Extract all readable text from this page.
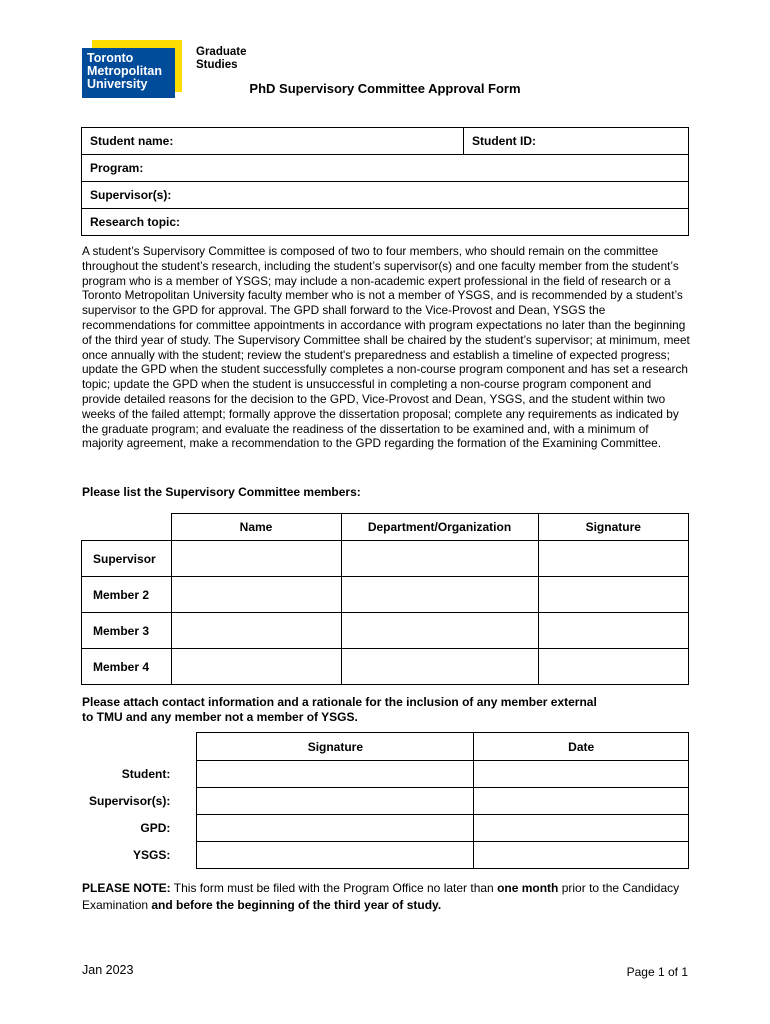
Toronto
Metropolitan
University
Graduate
Studies
PhD Supervisory Committee Approval Form
Student name:	Student ID:
Program:
Supervisor(s):
Research topic:
A student’s Supervisory Committee is composed of two to four members, who should remain on the committee throughout the student’s research, including the student’s supervisor(s) and one faculty member from the student’s program who is a member of YSGS; may include a non-academic expert professional in the field of research or a Toronto Metropolitan University faculty member who is not a member of YSGS, and is recommended by a student’s supervisor to the GPD for approval. The GPD shall forward to the Vice-Provost and Dean, YSGS the recommendations for committee appointments in accordance with program expectations no later than the beginning of the third year of study. The Supervisory Committee shall be chaired by the student’s supervisor; at minimum, meet once annually with the student; review the student's preparedness and establish a timeline of expected progress; update the GPD when the student successfully completes a non-course program component and has set a research topic; update the GPD when the student is unsuccessful in completing a non-course program component and provide detailed reasons for the decision to the GPD, Vice-Provost and Dean, YSGS, and the student within two weeks of the failed attempt; formally approve the dissertation proposal; complete any requirements as indicated by the graduate program; and evaluate the readiness of the dissertation to be examined and, with a minimum of majority agreement, make a recommendation to the GPD regarding the formation of the Examining Committee.
Please list the Supervisory Committee members:
	Name	Department/Organization	Signature
Supervisor			
Member 2			
Member 3			
Member 4			
Please attach contact information and a rationale for the inclusion of any member external
to TMU and any member not a member of YSGS.
	Signature	Date
Student:		
Supervisor(s):		
GPD:		
YSGS:		
PLEASE NOTE: This form must be filed with the Program Office no later than one month prior to the Candidacy Examination and before the beginning of the third year of study.
Jan 2023	Page 1 of 1
